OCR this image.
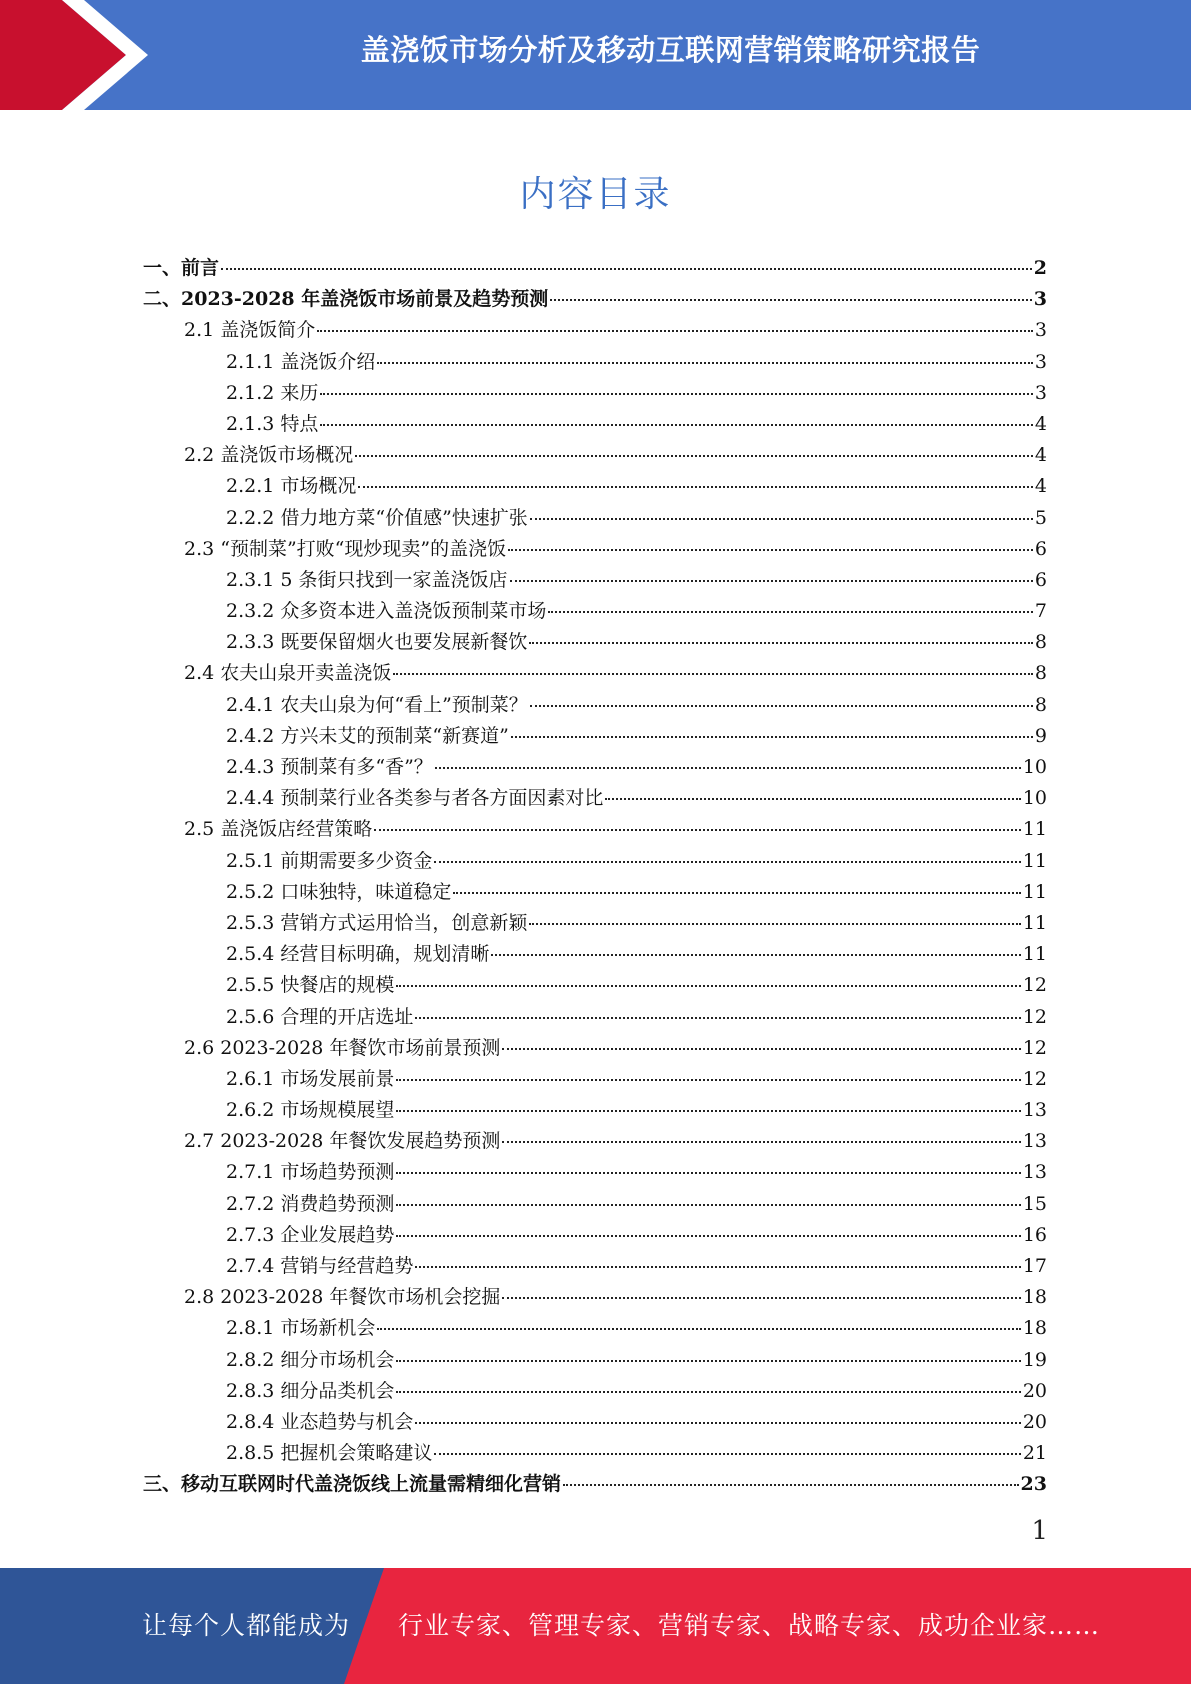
盖浇饭市场分析及移动互联网营销策略研究报告
内容目录
一、前言	2
二、2023-2028 年盖浇饭市场前景及趋势预测	3
2.1 盖浇饭简介	3
2.1.1 盖浇饭介绍	3
2.1.2 来历	3
2.1.3 特点	4
2.2 盖浇饭市场概况	4
2.2.1 市场概况	4
2.2.2 借力地方菜“价值感”快速扩张	5
2.3 “预制菜”打败“现炒现卖”的盖浇饭	6
2.3.1 5 条街只找到一家盖浇饭店	6
2.3.2 众多资本进入盖浇饭预制菜市场	7
2.3.3 既要保留烟火也要发展新餐饮	8
2.4 农夫山泉开卖盖浇饭	8
2.4.1 农夫山泉为何“看上”预制菜？	8
2.4.2 方兴未艾的预制菜“新赛道”	9
2.4.3 预制菜有多“香”？	10
2.4.4 预制菜行业各类参与者各方面因素对比	10
2.5 盖浇饭店经营策略	11
2.5.1 前期需要多少资金	11
2.5.2 口味独特，味道稳定	11
2.5.3 营销方式运用恰当，创意新颖	11
2.5.4 经营目标明确，规划清晰	11
2.5.5 快餐店的规模	12
2.5.6 合理的开店选址	12
2.6 2023-2028 年餐饮市场前景预测	12
2.6.1 市场发展前景	12
2.6.2 市场规模展望	13
2.7 2023-2028 年餐饮发展趋势预测	13
2.7.1 市场趋势预测	13
2.7.2 消费趋势预测	15
2.7.3 企业发展趋势	16
2.7.4 营销与经营趋势	17
2.8 2023-2028 年餐饮市场机会挖掘	18
2.8.1 市场新机会	18
2.8.2 细分市场机会	19
2.8.3 细分品类机会	20
2.8.4 业态趋势与机会	20
2.8.5 把握机会策略建议	21
三、移动互联网时代盖浇饭线上流量需精细化营销	23
1
让每个人都能成为 行业专家、管理专家、营销专家、战略专家、成功企业家……
